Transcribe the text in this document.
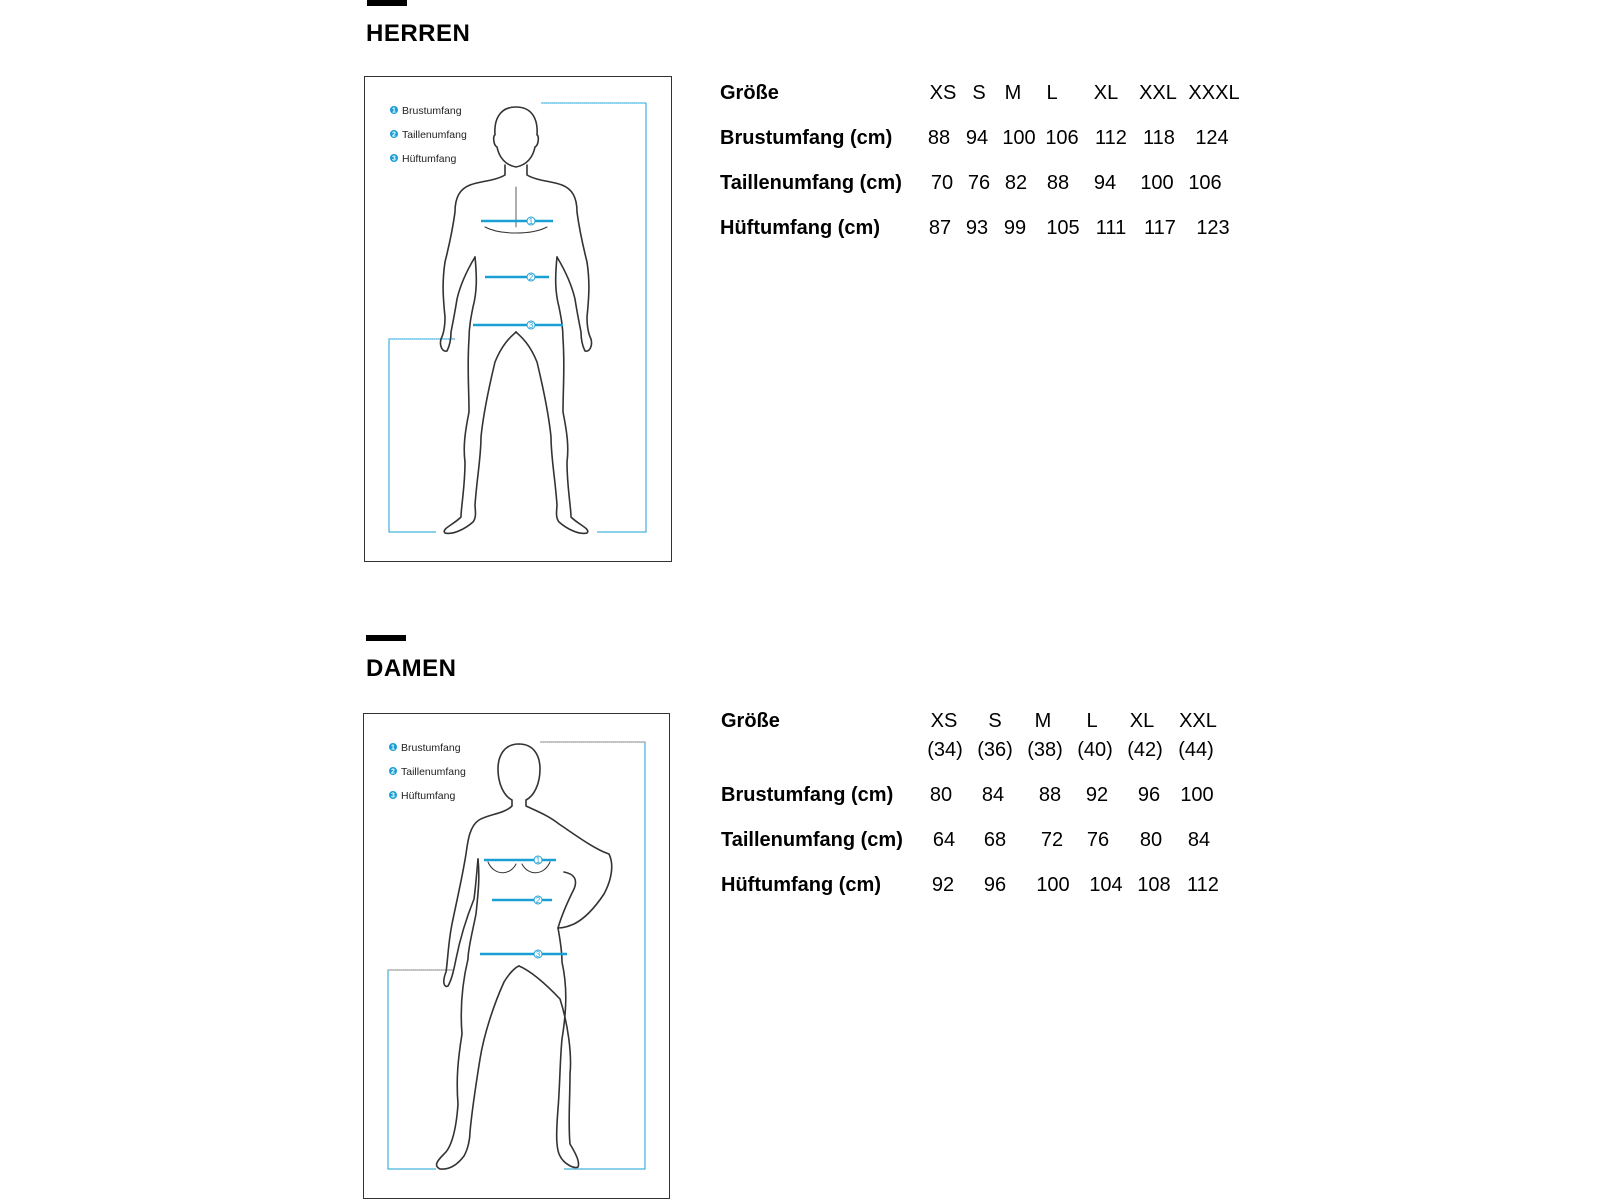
HERREN
1 Brustumfang
2 Taillenumfang
3 Hüftumfang
1
2
3
Größe	XS S M	L	XL	XXL XXXL
Brustumfang (cm)	88 94 100 106 112 118	124
Taillenumfang (cm)	70 76 82 88	94	100 106
Hüftumfang (cm)	87 93 99	105 111 117	123
DAMEN
1 Brustumfang
2 Taillenumfang
3 Hüftumfang
1
2
3
Größe	XS	S	M	L	XL	XXL
(34) (36) (38) (40) (42) (44)
Brustumfang (cm)	80	84	88	92	96	100
Taillenumfang (cm)	64	68	72	76	80	84
Hüftumfang (cm)	92	96	100 104 108 112
